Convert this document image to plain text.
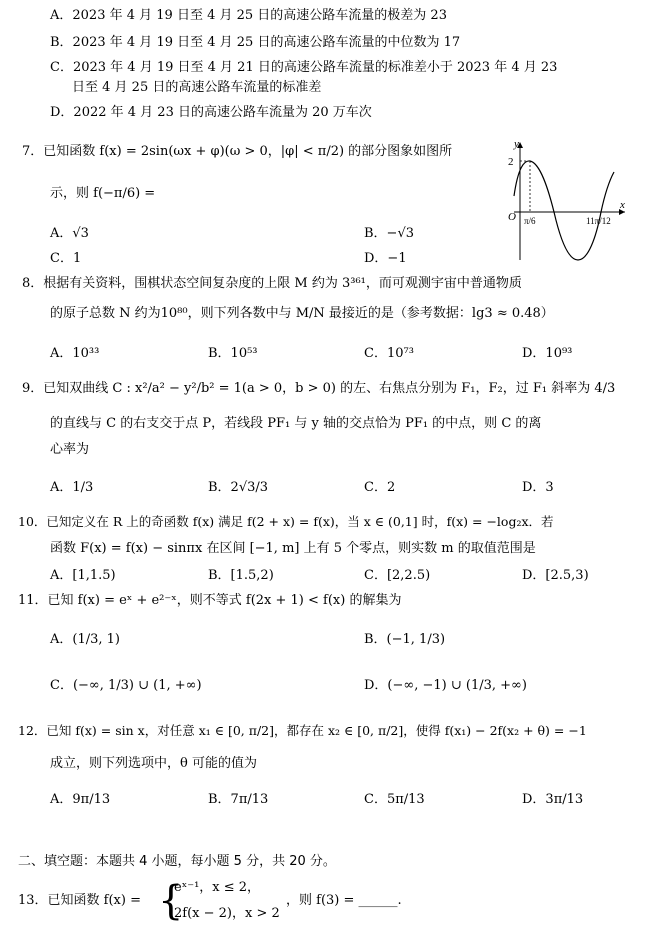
A．2023 年 4 月 19 日至 4 月 25 日的高速公路车流量的极差为 23
B．2023 年 4 月 19 日至 4 月 25 日的高速公路车流量的中位数为 17
C．2023 年 4 月 19 日至 4 月 21 日的高速公路车流量的标准差小于 2023 年 4 月 23
日至 4 月 25 日的高速公路车流量的标准差
D．2022 年 4 月 23 日的高速公路车流量为 20 万车次
7．已知函数 f(x) = 2sin(ωx + φ)(ω > 0，|φ| < π/2) 的部分图象如图所
示，则 f(−π/6) =
A．√3	B．−√3
C．1	D．−1
y
x
2
O π/6	11π/12
8．根据有关资料，围棋状态空间复杂度的上限 M 约为 3³⁶¹，而可观测宇宙中普通物质
的原子总数 N 约为10⁸⁰，则下列各数中与 M/N 最接近的是（参考数据：lg3 ≈ 0.48）
A．10³³	B．10⁵³	C．10⁷³	D．10⁹³
9．已知双曲线 C : x²/a² − y²/b² = 1(a > 0，b > 0) 的左、右焦点分别为 F₁，F₂，过 F₁ 斜率为 4/3
的直线与 C 的右支交于点 P，若线段 PF₁ 与 y 轴的交点恰为 PF₁ 的中点，则 C 的离
心率为
A．1/3	B．2√3/3	C．2	D．3
10．已知定义在 R 上的奇函数 f(x) 满足 f(2 + x) = f(x)，当 x ∈ (0,1] 时，f(x) = −log₂x．若
函数 F(x) = f(x) − sinπx 在区间 [−1, m] 上有 5 个零点，则实数 m 的取值范围是
A．[1,1.5)	B．[1.5,2)	C．[2,2.5)	D．[2.5,3)
11．已知 f(x) = eˣ + e²⁻ˣ，则不等式 f(2x + 1) < f(x) 的解集为
A．(1/3, 1)	B．(−1, 1/3)
C．(−∞, 1/3) ∪ (1, +∞)	D．(−∞, −1) ∪ (1/3, +∞)
12．已知 f(x) = sin x，对任意 x₁ ∈ [0, π/2]，都存在 x₂ ∈ [0, π/2]，使得 f(x₁) − 2f(x₂ + θ) = −1
成立，则下列选项中，θ 可能的值为
A．9π/13	B．7π/13	C．5π/13	D．3π/13
二、填空题：本题共 4 小题，每小题 5 分，共 20 分。
13．已知函数 f(x) = {
eˣ⁻¹，x ≤ 2，
2f(x − 2)，x > 2
，则 f(3) = ______.
